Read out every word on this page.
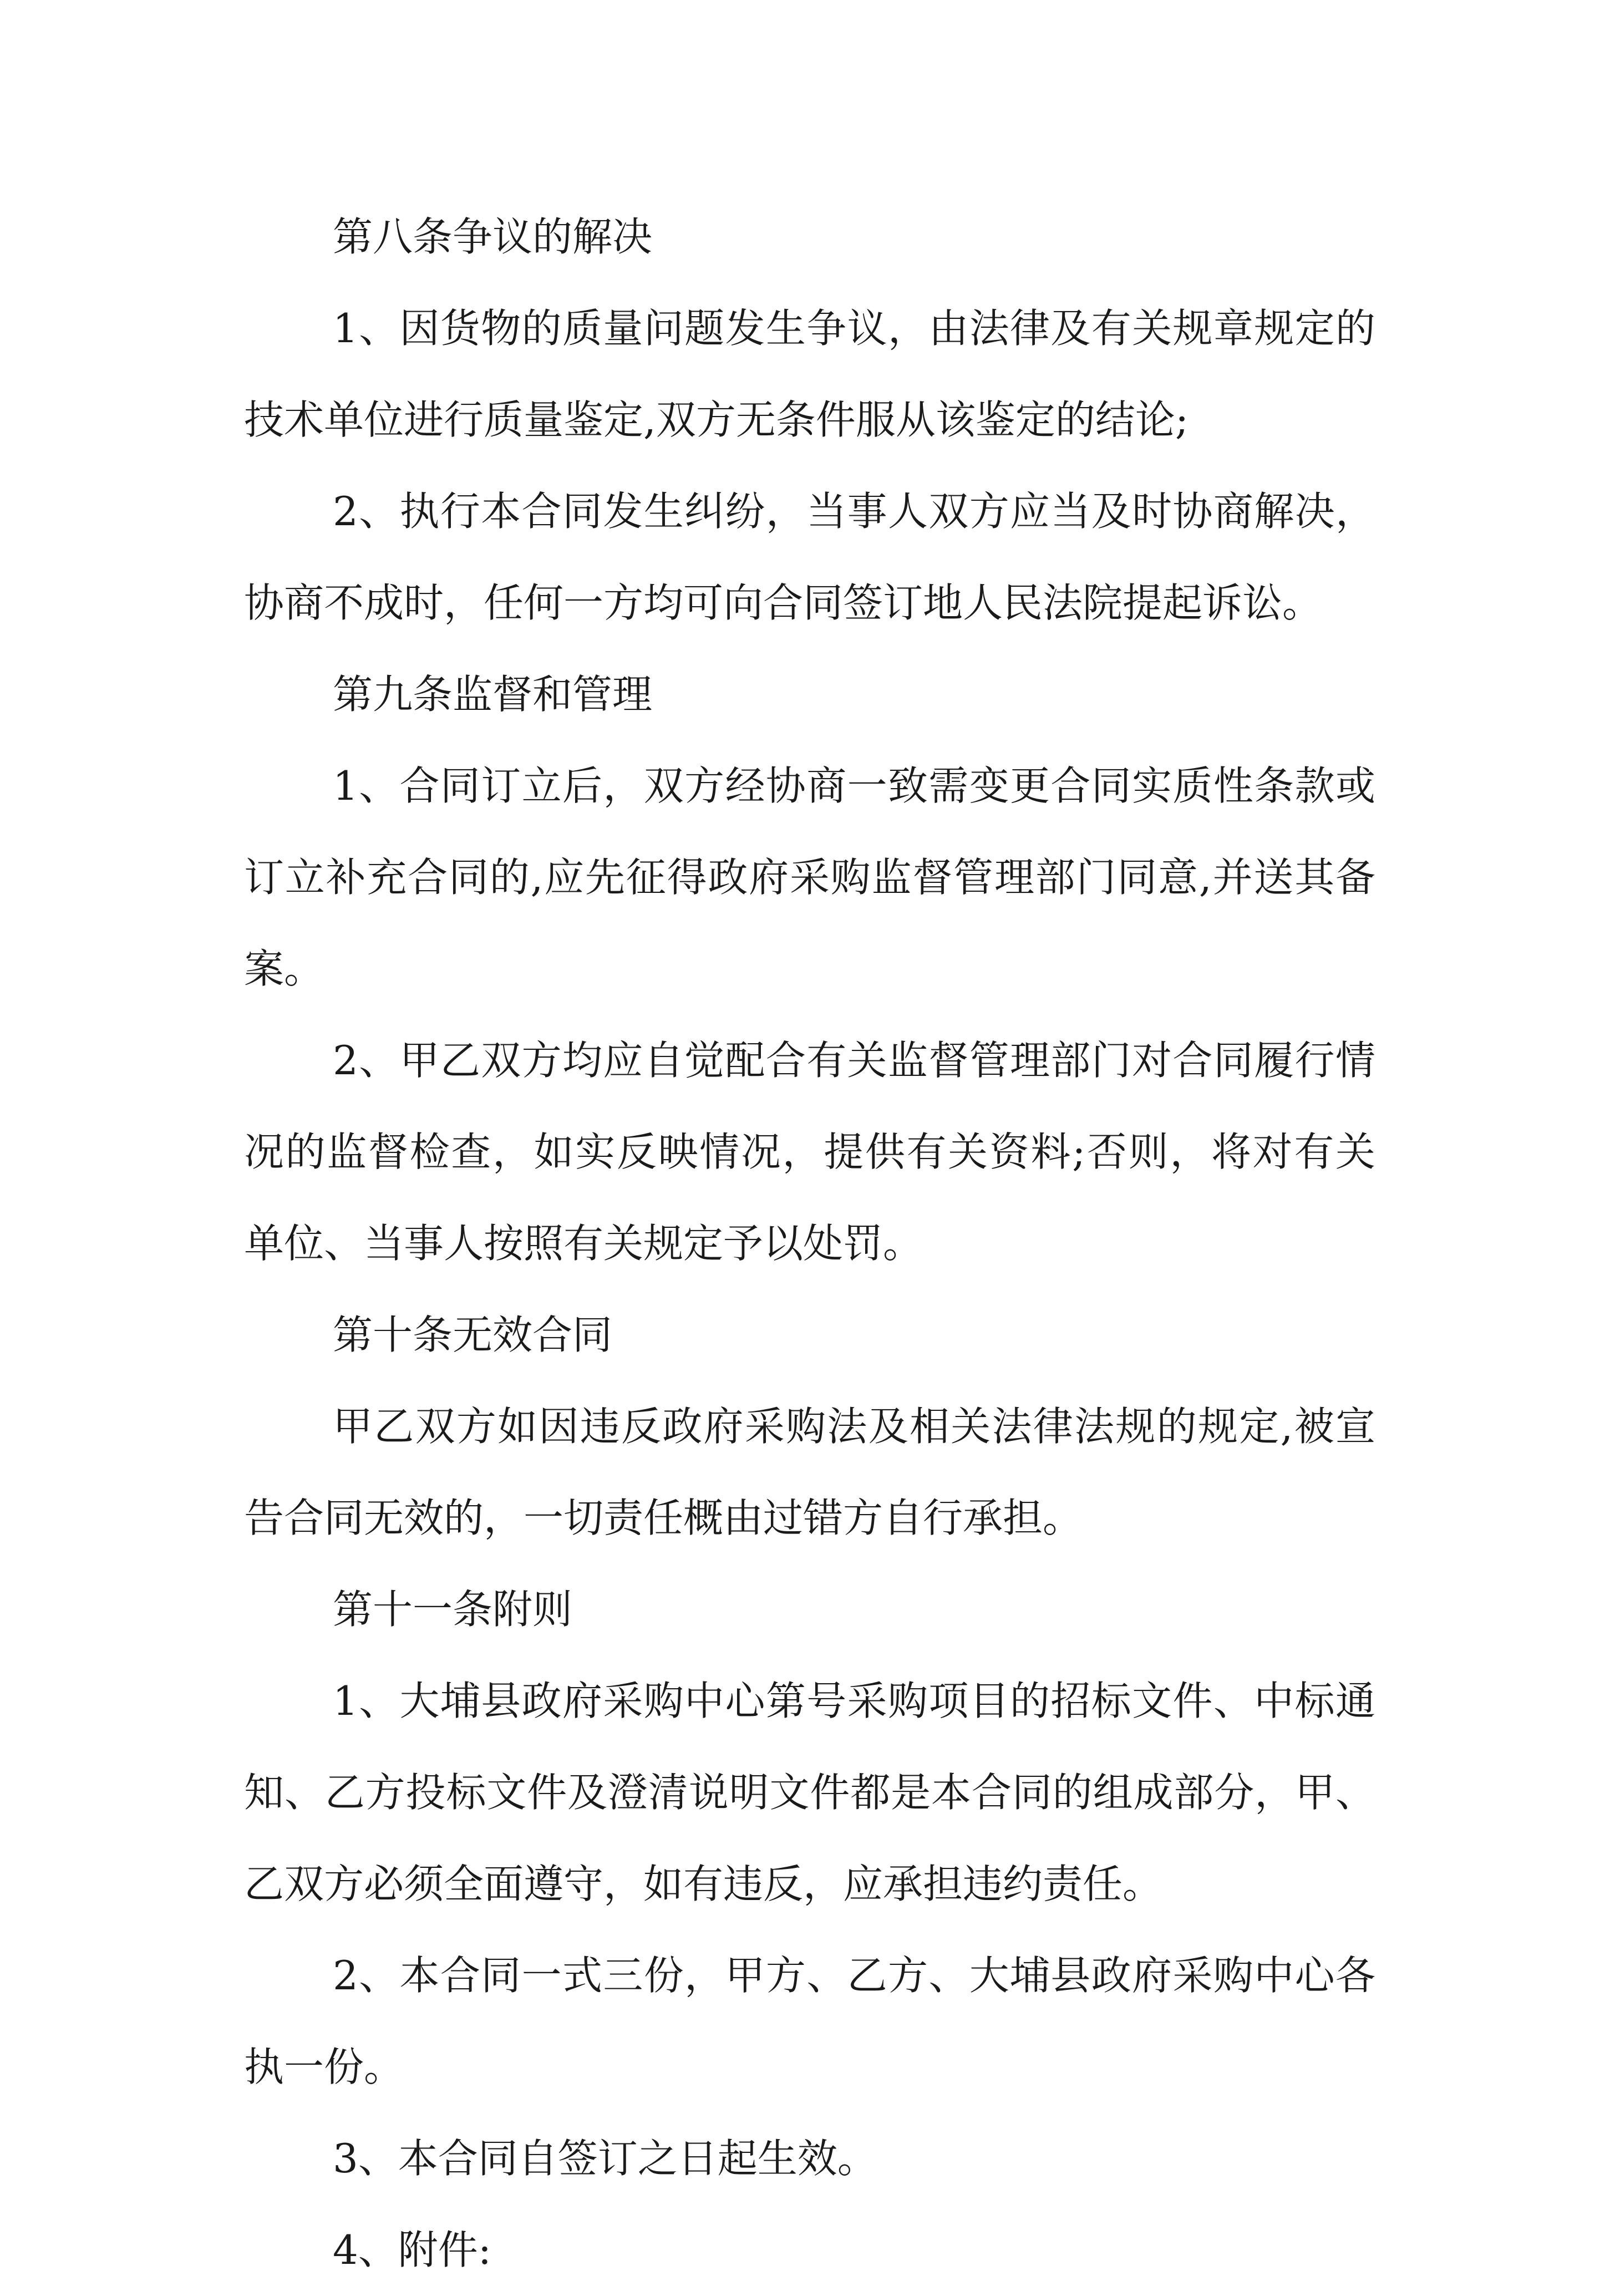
第八条争议的解决

1、因货物的质量问题发生争议，由法律及有关规章规定的技术单位进行质量鉴定,双方无条件服从该鉴定的结论;

2、执行本合同发生纠纷，当事人双方应当及时协商解决，协商不成时，任何一方均可向合同签订地人民法院提起诉讼。

第九条监督和管理

1、合同订立后，双方经协商一致需变更合同实质性条款或订立补充合同的,应先征得政府采购监督管理部门同意,并送其备案。

2、甲乙双方均应自觉配合有关监督管理部门对合同履行情况的监督检查，如实反映情况，提供有关资料;否则，将对有关单位、当事人按照有关规定予以处罚。

第十条无效合同

甲乙双方如因违反政府采购法及相关法律法规的规定,被宣告合同无效的，一切责任概由过错方自行承担。

第十一条附则

1、大埔县政府采购中心第号采购项目的招标文件、中标通知、乙方投标文件及澄清说明文件都是本合同的组成部分，甲、乙双方必须全面遵守，如有违反，应承担违约责任。

2、本合同一式三份，甲方、乙方、大埔县政府采购中心各执一份。

3、本合同自签订之日起生效。

4、附件:
